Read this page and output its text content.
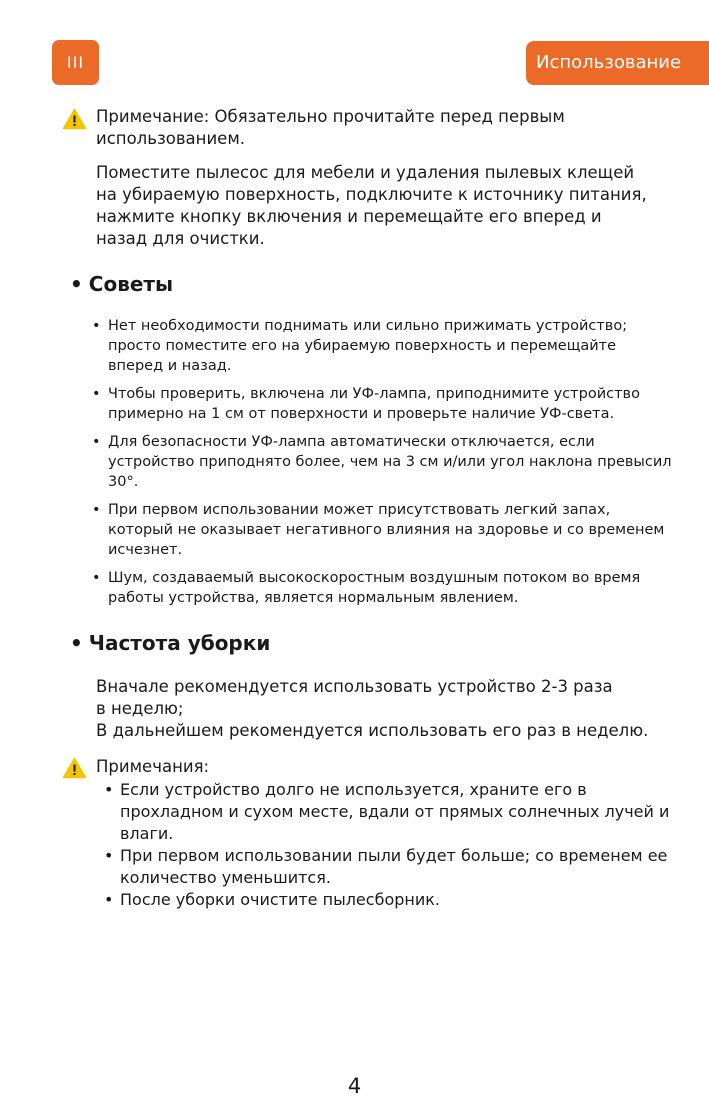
III	Использование

Примечание: Обязательно прочитайте перед первым использованием.

Поместите пылесос для мебели и удаления пылевых клещей на убираемую поверхность, подключите к источнику питания, нажмите кнопку включения и перемещайте его вперед и назад для очистки.

• Советы
• Нет необходимости поднимать или сильно прижимать устройство; просто поместите его на убираемую поверхность и перемещайте вперед и назад.
• Чтобы проверить, включена ли УФ-лампа, приподнимите устройство примерно на 1 см от поверхности и проверьте наличие УФ-света.
• Для безопасности УФ-лампа автоматически отключается, если устройство приподнято более, чем на 3 см и/или угол наклона превысил 30°.
• При первом использовании может присутствовать легкий запах, который не оказывает негативного влияния на здоровье и со временем исчезнет.
• Шум, создаваемый высокоскоростным воздушным потоком во время работы устройства, является нормальным явлением.
• Частота уборки

Вначале рекомендуется использовать устройство 2-3 раза в неделю;

В дальнейшем рекомендуется использовать его раз в неделю.

Примечания:

• Если устройство долго не используется, храните его в прохладном и сухом месте, вдали от прямых солнечных лучей и влаги.
• При первом использовании пыли будет больше; со временем ее количество уменьшится.
• После уборки очистите пылесборник.
4
